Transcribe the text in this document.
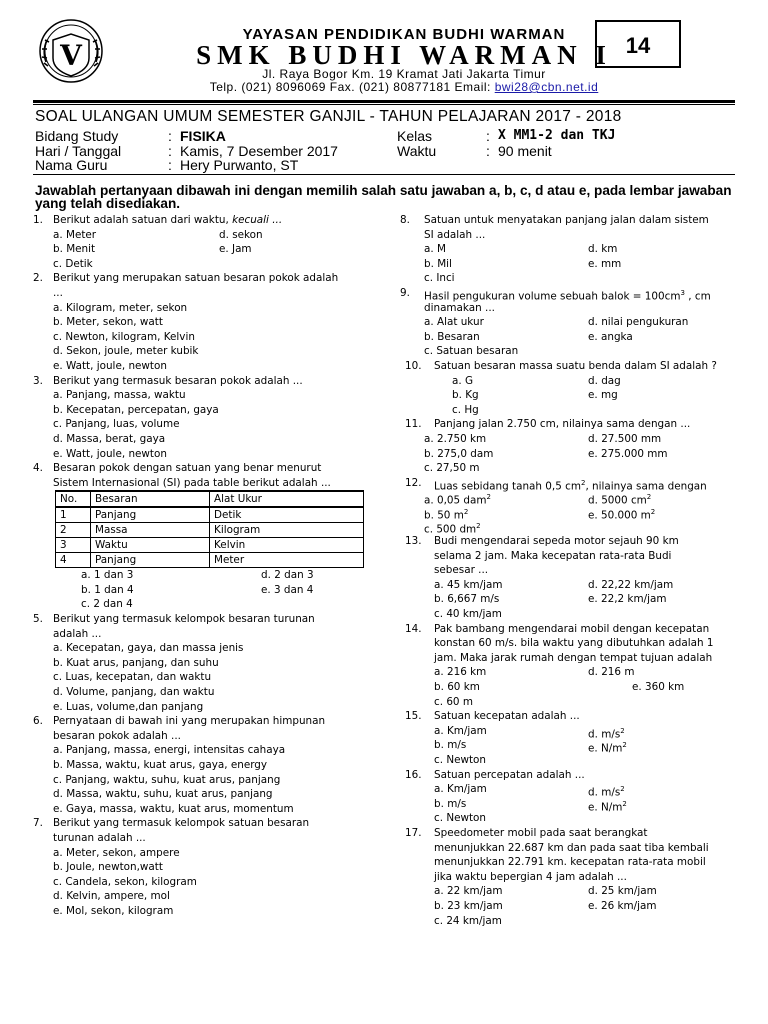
V
YAYASAN PENDIDIKAN BUDHI WARMAN
SMK BUDHI WARMAN I
Jl. Raya Bogor Km. 19 Kramat Jati Jakarta Timur
Telp. (021) 8096069 Fax. (021) 80877181 Email: bwi28@cbn.net.id
14
SOAL ULANGAN UMUM SEMESTER GANJIL - TAHUN PELAJARAN 2017 - 2018
Bidang Study	: FISIKA
Hari / Tanggal	: Kamis, 7 Desember 2017
Nama Guru	: Hery Purwanto, ST
Kelas	: X MM1-2 dan TKJ
Waktu	: 90 menit
Jawablah pertanyaan dibawah ini dengan memilih salah satu jawaban a, b, c, d atau e, pada lembar jawaban yang telah disediakan.
1. Berikut adalah satuan dari waktu, kecuali ...
a. Meter	d. sekon
b. Menit	e. Jam
c. Detik
2. Berikut yang merupakan satuan besaran pokok adalah
...
a. Kilogram, meter, sekon
b. Meter, sekon, watt
c. Newton, kilogram, Kelvin
d. Sekon, joule, meter kubik
e. Watt, joule, newton
3. Berikut yang termasuk besaran pokok adalah ...
a. Panjang, massa, waktu
b. Kecepatan, percepatan, gaya
c. Panjang, luas, volume
d. Massa, berat, gaya
e. Watt, joule, newton
4. Besaran pokok dengan satuan yang benar menurut
Sistem Internasional (SI) pada table berikut adalah ...
No.	Besaran	Alat Ukur
1	Panjang	Detik
2	Massa	Kilogram
3	Waktu	Kelvin
4	Panjang	Meter
a. 1 dan 3	d. 2 dan 3
b. 1 dan 4	e. 3 dan 4
c. 2 dan 4
5. Berikut yang termasuk kelompok besaran turunan
adalah ...
a. Kecepatan, gaya, dan massa jenis
b. Kuat arus, panjang, dan suhu
c. Luas, kecepatan, dan waktu
d. Volume, panjang, dan waktu
e. Luas, volume,dan panjang
6. Pernyataan di bawah ini yang merupakan himpunan
besaran pokok adalah ...
a. Panjang, massa, energi, intensitas cahaya
b. Massa, waktu, kuat arus, gaya, energy
c. Panjang, waktu, suhu, kuat arus, panjang
d. Massa, waktu, suhu, kuat arus, panjang
e. Gaya, massa, waktu, kuat arus, momentum
7. Berikut yang termasuk kelompok satuan besaran
turunan adalah ...
a. Meter, sekon, ampere
b. Joule, newton,watt
c. Candela, sekon, kilogram
d. Kelvin, ampere, mol
e. Mol, sekon, kilogram
8. Satuan untuk menyatakan panjang jalan dalam sistem
SI adalah ...
a. M	d. km
b. Mil	e. mm
c. Inci
9. Hasil pengukuran volume sebuah balok = $100cm^3$ , cm
dinamakan ...
a. Alat ukur	d. nilai pengukuran
b. Besaran	e. angka
c. Satuan besaran
10. Satuan besaran massa suatu benda dalam SI adalah ?
a. G	d. dag
b. Kg	e. mg
c. Hg
11. Panjang jalan 2.750 cm, nilainya sama dengan ...
a. 2.750 km	d. 27.500 mm
b. 275,0 dam	e. 275.000 mm
c. 27,50 m
12. Luas sebidang tanah 0,5 $cm^2$, nilainya sama dengan
a. 0,05 dam$^2$	d. 5000 $cm^2$
b. 50 $m^2$	e. 50.000 $m^2$
c. 500 $dm^2$
13. Budi mengendarai sepeda motor sejauh 90 km
selama 2 jam. Maka kecepatan rata-rata Budi
sebesar ...
a. 45 km/jam	d. 22,22 km/jam
b. 6,667 m/s	e. 22,2 km/jam
c. 40 km/jam
14. Pak bambang mengendarai mobil dengan kecepatan
konstan 60 m/s. bila waktu yang dibutuhkan adalah 1
jam. Maka jarak rumah dengan tempat tujuan adalah
a. 216 km	d. 216 m
b. 60 km	e. 360 km
c. 60 m
15. Satuan kecepatan adalah ...
a. Km/jam	d. $m/s^2$
b. m/s	e. $N/m^2$
c. Newton
16. Satuan percepatan adalah ...
a. Km/jam	d. $m/s^2$
b. m/s	e. $N/m^2$
c. Newton
17. Speedometer mobil pada saat berangkat
menunjukkan 22.687 km dan pada saat tiba kembali
menunjukkan 22.791 km. kecepatan rata-rata mobil
jika waktu bepergian 4 jam adalah ...
a. 22 km/jam	d. 25 km/jam
b. 23 km/jam	e. 26 km/jam
c. 24 km/jam
